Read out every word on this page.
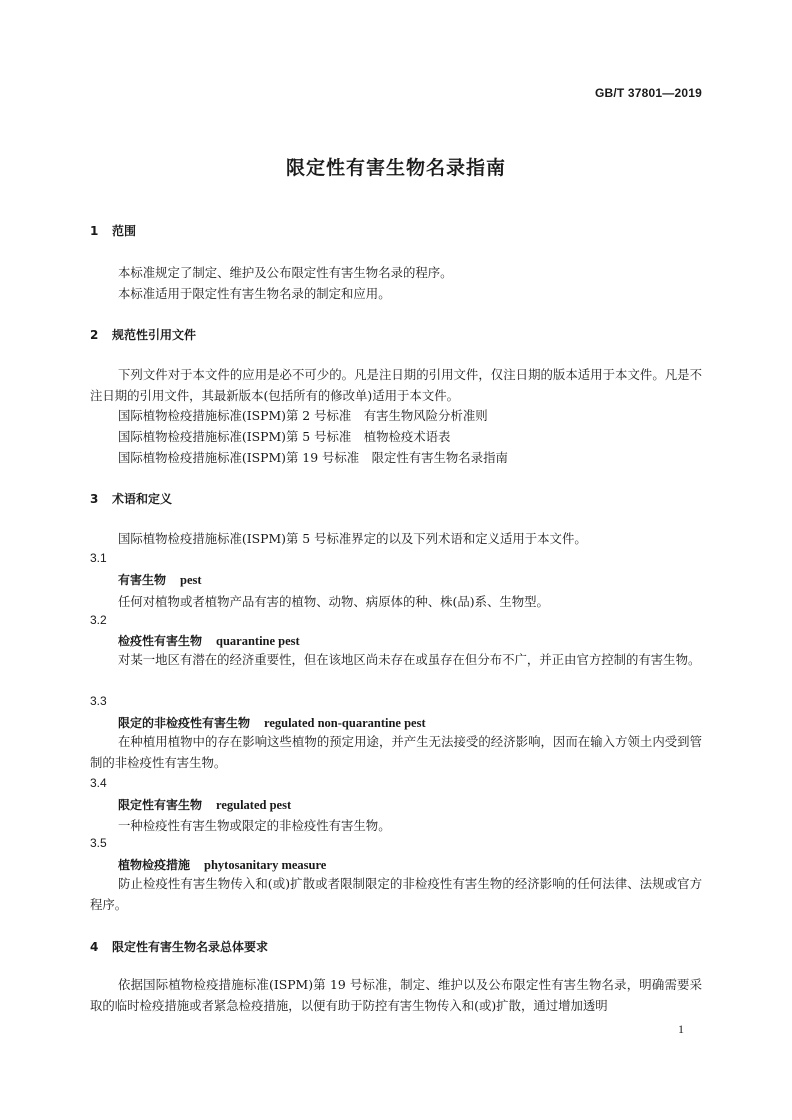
GB/T 37801—2019
限定性有害生物名录指南
1 范围
本标准规定了制定、维护及公布限定性有害生物名录的程序。
本标准适用于限定性有害生物名录的制定和应用。
2 规范性引用文件
下列文件对于本文件的应用是必不可少的。凡是注日期的引用文件，仅注日期的版本适用于本文件。凡是不注日期的引用文件，其最新版本(包括所有的修改单)适用于本文件。
国际植物检疫措施标准(ISPM)第 2 号标准　有害生物风险分析准则
国际植物检疫措施标准(ISPM)第 5 号标准　植物检疫术语表
国际植物检疫措施标准(ISPM)第 19 号标准　限定性有害生物名录指南
3 术语和定义
国际植物检疫措施标准(ISPM)第 5 号标准界定的以及下列术语和定义适用于本文件。
3.1
有害生物 pest
任何对植物或者植物产品有害的植物、动物、病原体的种、株(品)系、生物型。
3.2
检疫性有害生物 quarantine pest
对某一地区有潜在的经济重要性，但在该地区尚未存在或虽存在但分布不广，并正由官方控制的有害生物。
3.3
限定的非检疫性有害生物 regulated non-quarantine pest
在种植用植物中的存在影响这些植物的预定用途，并产生无法接受的经济影响，因而在输入方领土内受到管制的非检疫性有害生物。
3.4
限定性有害生物 regulated pest
一种检疫性有害生物或限定的非检疫性有害生物。
3.5
植物检疫措施 phytosanitary measure
防止检疫性有害生物传入和(或)扩散或者限制限定的非检疫性有害生物的经济影响的任何法律、法规或官方程序。
4 限定性有害生物名录总体要求
依据国际植物检疫措施标准(ISPM)第 19 号标准，制定、维护以及公布限定性有害生物名录，明确需要采取的临时检疫措施或者紧急检疫措施，以便有助于防控有害生物传入和(或)扩散，通过增加透明
1
